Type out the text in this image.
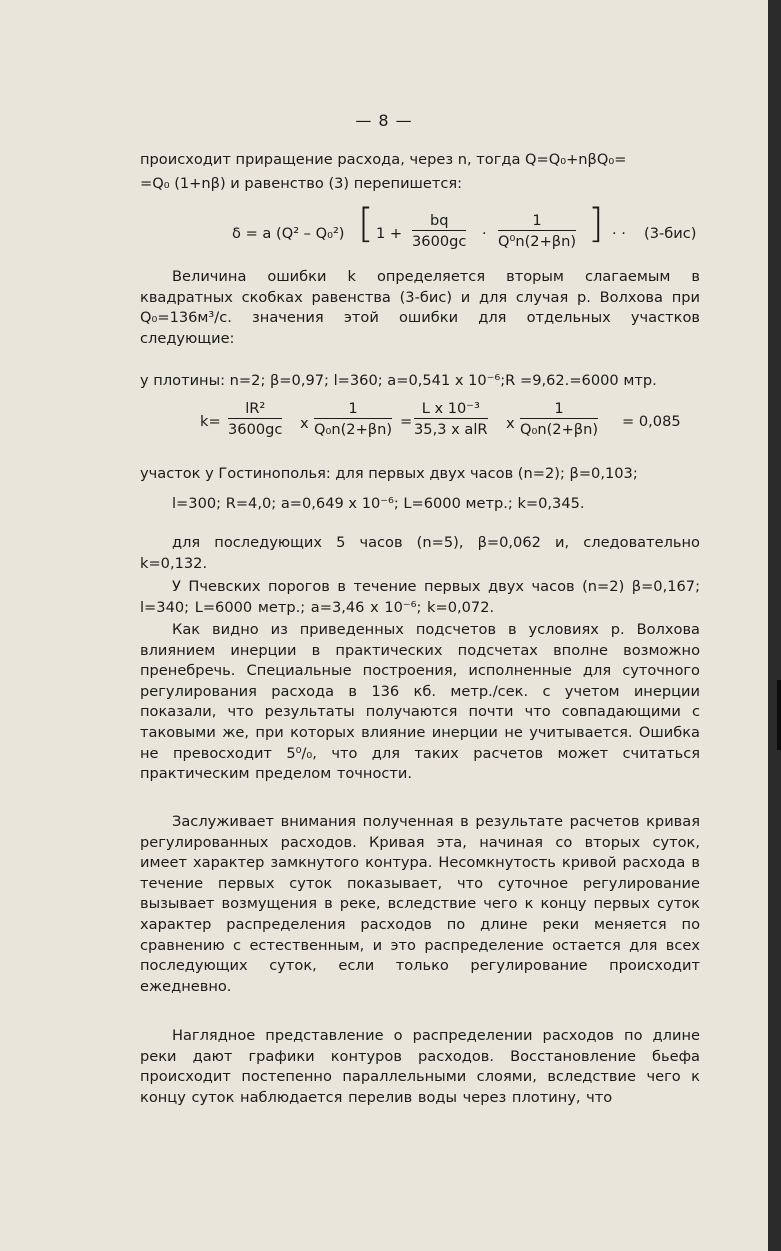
— 8 —
происходит приращение расхода, через n, тогда Q=Q₀+nβQ₀=
=Q₀ (1+nβ) и равенство (3) перепишется:
δ = a (Q² – Q₀²) [ $1 + \frac{bq}{3600gc} \cdot \frac{1}{\text{Q⁰n(2+βn)}}$ ] · · (3-бис)
Величина ошибки k определяется вторым слагаемым в квадратных скобках равенства (3-бис) и для случая р. Волхова при Q₀=136м³/с. значения этой ошибки для отдельных участков следующие:
у плотины: n=2; β=0,97; l=360; a=0,541 x 10⁻⁶;R =9,62.=6000 мтр.
$k= \frac{\text{lR²}}{3600gc}$ x $\frac{1}{\text{Q₀n(2+βn)}} = \frac{\text{L x 10⁻³}}{\text{35,3 x alR}}$ x $\frac{1}{\text{Q₀n(2+βn)}} = 0,085$
участок у Гостинополья: для первых двух часов (n=2); β=0,103;
l=300; R=4,0; a=0,649 x 10⁻⁶; L=6000 метр.; k=0,345.
для последующих 5 часов (n=5), β=0,062 и, следовательно k=0,132.
У Пчевских порогов в течение первых двух часов (n=2) β=0,167; l=340; L=6000 метр.; a=3,46 x 10⁻⁶; k=0,072.
Как видно из приведенных подсчетов в условиях р. Волхова влиянием инерции в практических подсчетах вполне возможно пренебречь. Специальные построения, исполненные для суточного регулирования расхода в 136 кб. метр./сек. с учетом инерции показали, что результаты получаются почти что совпадающими с таковыми же, при которых влияние инерции не учитывается. Ошибка не превосходит 5⁰/₀, что для таких расчетов может считаться практическим пределом точности.
Заслуживает внимания полученная в результате расчетов кривая регулированных расходов. Кривая эта, начиная со вторых суток, имеет характер замкнутого контура. Несомкнутость кривой расхода в течение первых суток показывает, что суточное регулирование вызывает возмущения в реке, вследствие чего к концу первых суток характер распределения расходов по длине реки меняется по сравнению с естественным, и это распределение остается для всех последующих суток, если только регулирование происходит ежедневно.
Наглядное представление о распределении расходов по длине реки дают графики контуров расходов. Восстановление бьефа происходит постепенно параллельными слоями, вследствие чего к концу суток наблюдается перелив воды через плотину, что
